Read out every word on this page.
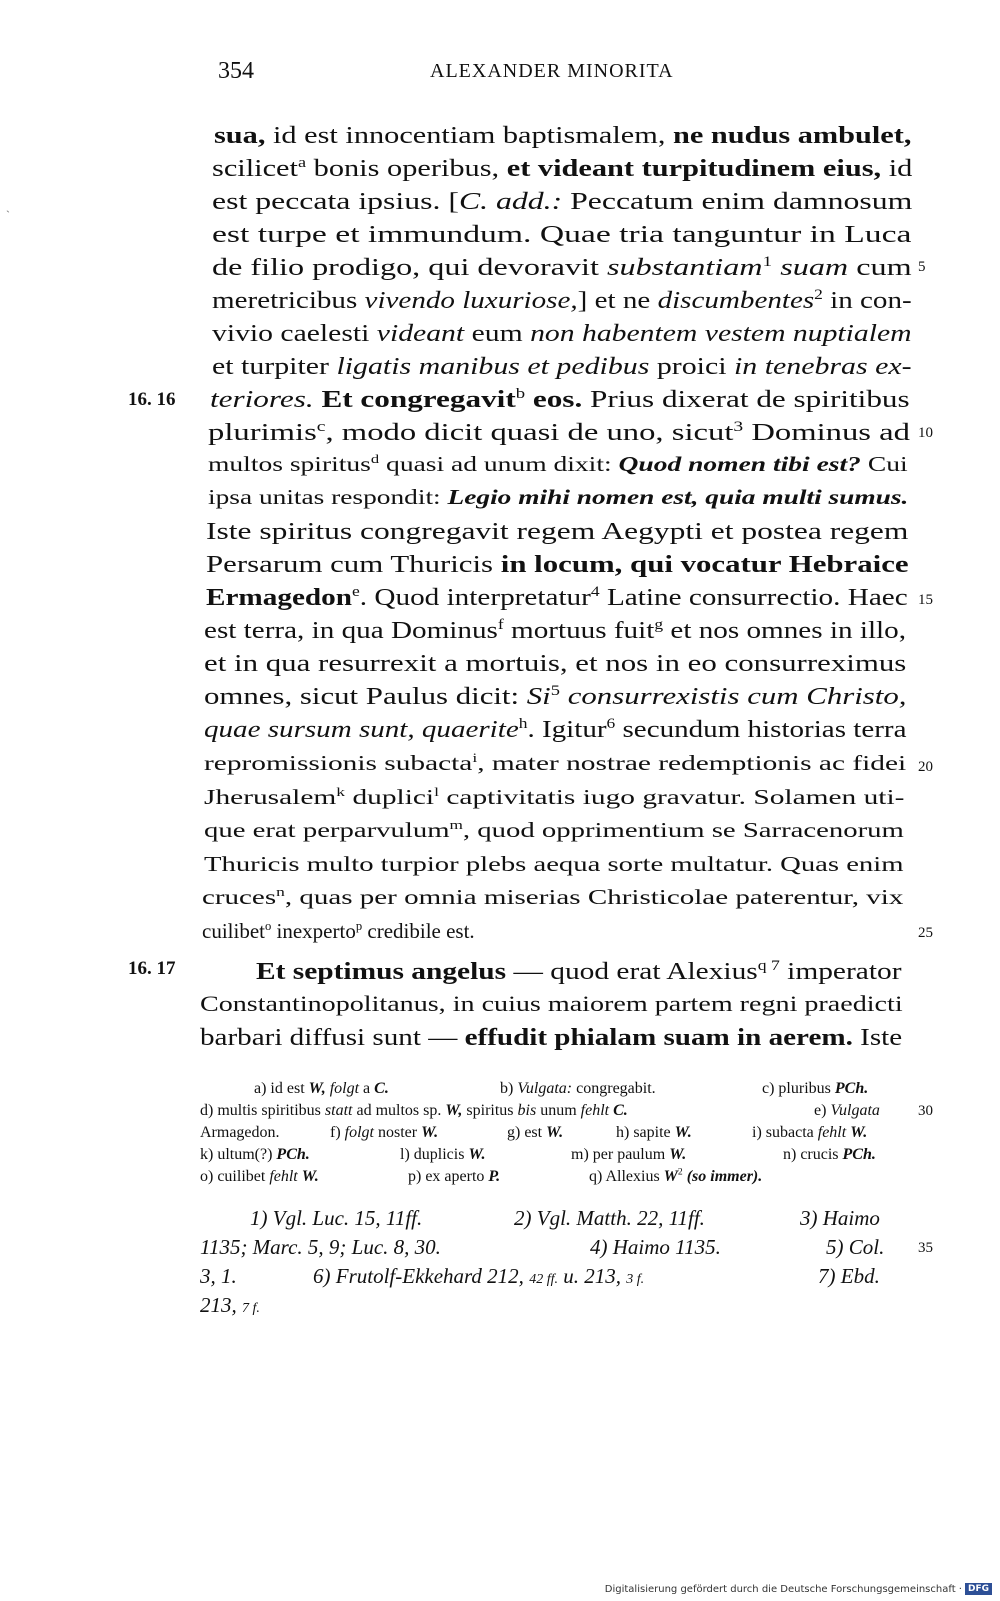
354	ALEXANDER MINORITA
sua, id est innocentiam baptismalem, ne nudus ambulet,
scilicet$^a$ bonis operibus, et videant turpitudinem eius, id
est peccata ipsius. [C. add.: Peccatum enim damnosum
est turpe et immundum. Quae tria tanguntur in Luca
de filio prodigo, qui devoravit substantiam$^1$ suam cum
meretricibus vivendo luxuriose,] et ne discumbentes$^2$ in con-
vivio caelesti videant eum non habentem vestem nuptialem
et turpiter ligatis manibus et pedibus proici in tenebras ex-
teriores. Et congregavit$^b$ eos. Prius dixerat de spiritibus
plurimis$^c$, modo dicit quasi de uno, sicut$^3$ Dominus ad
multos spiritus$^d$ quasi ad unum dixit: Quod nomen tibi est? Cui
ipsa unitas respondit: Legio mihi nomen est, quia multi sumus.
Iste spiritus congregavit regem Aegypti et postea regem
Persarum cum Thuricis in locum, qui vocatur Hebraice
Ermagedon$^e$. Quod interpretatur$^4$ Latine consurrectio. Haec
est terra, in qua Dominus$^f$ mortuus fuit$^g$ et nos omnes in illo,
et in qua resurrexit a mortuis, et nos in eo consurreximus
omnes, sicut Paulus dicit: Si$^5$ consurrexistis cum Christo,
quae sursum sunt, quaerite$^h$. Igitur$^6$ secundum historias terra
repromissionis subacta$^i$, mater nostrae redemptionis ac fidei
Jherusalem$^k$ duplici$^l$ captivitatis iugo gravatur. Solamen uti-
que erat perparvulum$^m$, quod opprimentium se Sarracenorum
Thuricis multo turpior plebs aequa sorte multatur. Quas enim
cruces$^n$, quas per omnia miserias Christicolae paterentur, vix
cuilibet$^o$ inexperto$^p$ credibile est.
Et septimus angelus — quod erat Alexius$^{q 7}$ imperator
Constantinopolitanus, in cuius maiorem partem regni praedicti
barbari diffusi sunt — effudit phialam suam in aerem. Iste
16. 16
16. 17
5
10
15
20
25
30
35
a) id est W, folgt a C.	b) Vulgata: congregabit.	c) pluribus PCh.
d) multis spiritibus statt ad multos sp. W, spiritus bis unum fehlt C.	e) Vulgata
Armagedon.	f) folgt noster W.	g) est W.	h) sapite W.	i) subacta fehlt W.
k) ultum(?) PCh.	l) duplicis W.	m) per paulum W.	n) crucis PCh.
o) cuilibet fehlt W.	p) ex aperto P.	q) Allexius $W^2$ (so immer).
1) Vgl. Luc. 15, 11ff.	2) Vgl. Matth. 22, 11ff.	3) Haimo
1135; Marc. 5, 9; Luc. 8, 30.	4) Haimo 1135.	5) Col.
3, 1.	6) Frutolf-Ekkehard 212, 42 ff. u. 213, 3 f.	7) Ebd.
213, 7 f.
ˎ
Digitalisierung gefördert durch die Deutsche Forschungsgemeinschaft · DFG
